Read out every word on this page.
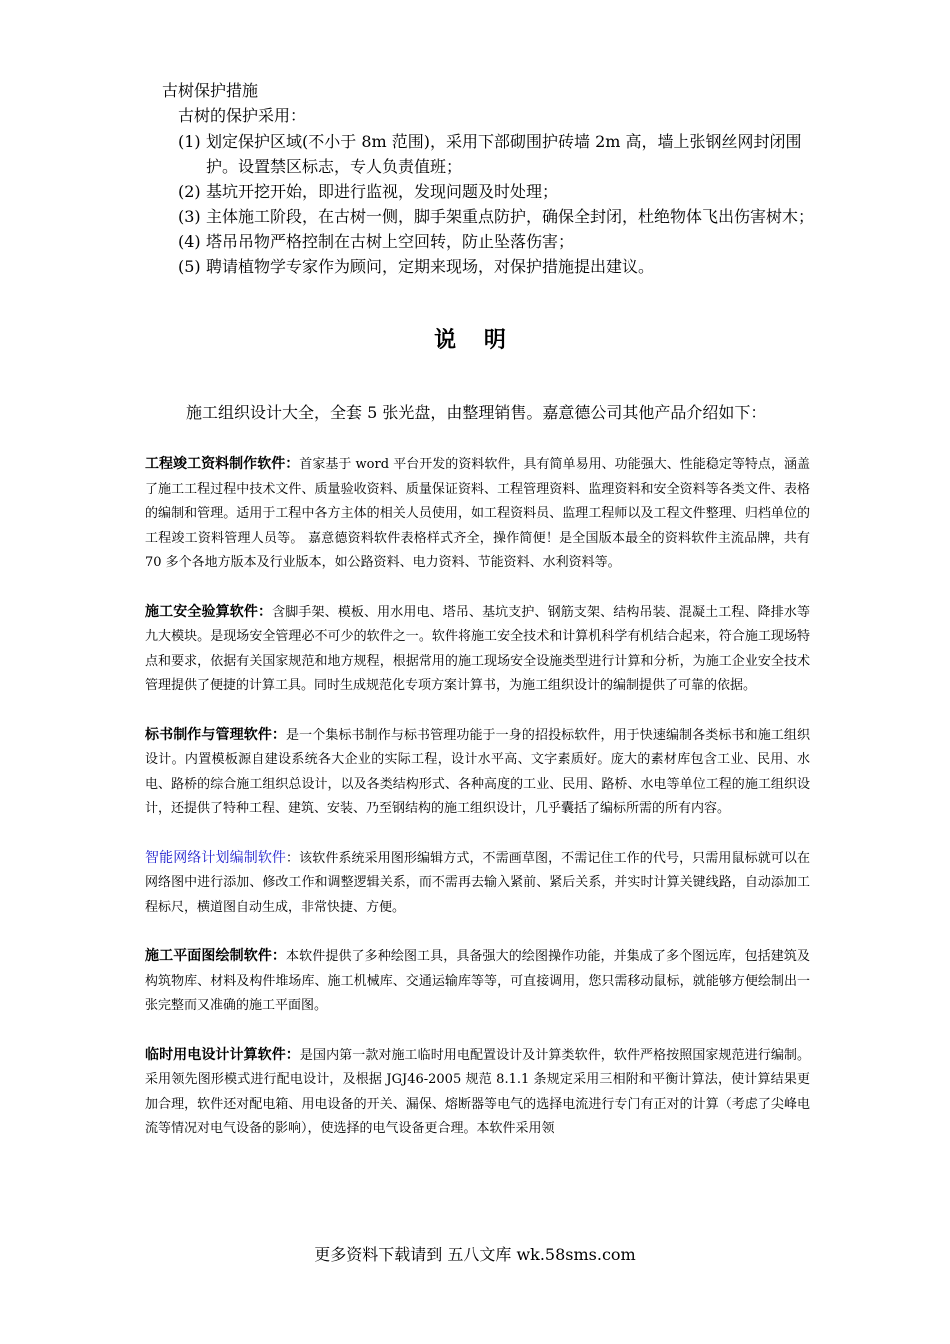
古树保护措施
古树的保护采用：
(1) 划定保护区域(不小于 8m 范围)，采用下部砌围护砖墙 2m 高，墙上张钢丝网封闭围护。设置禁区标志，专人负责值班；
(2) 基坑开挖开始，即进行监视，发现问题及时处理；
(3) 主体施工阶段，在古树一侧，脚手架重点防护，确保全封闭，杜绝物体飞出伤害树木；
(4) 塔吊吊物严格控制在古树上空回转，防止坠落伤害；
(5) 聘请植物学专家作为顾问，定期来现场，对保护措施提出建议。
说 明
施工组织设计大全，全套 5 张光盘，由整理销售。嘉意德公司其他产品介绍如下：

工程竣工资料制作软件：首家基于 word 平台开发的资料软件，具有简单易用、功能强大、性能稳定等特点，涵盖了施工工程过程中技术文件、质量验收资料、质量保证资料、工程管理资料、监理资料和安全资料等各类文件、表格的编制和管理。适用于工程中各方主体的相关人员使用，如工程资料员、监理工程师以及工程文件整理、归档单位的工程竣工资料管理人员等。 嘉意德资料软件表格样式齐全，操作简便！是全国版本最全的资料软件主流品牌，共有 70 多个各地方版本及行业版本，如公路资料、电力资料、节能资料、水利资料等。

施工安全验算软件：含脚手架、模板、用水用电、塔吊、基坑支护、钢筋支架、结构吊装、混凝土工程、降排水等九大模块。是现场安全管理必不可少的软件之一。软件将施工安全技术和计算机科学有机结合起来，符合施工现场特点和要求，依据有关国家规范和地方规程，根据常用的施工现场安全设施类型进行计算和分析，为施工企业安全技术管理提供了便捷的计算工具。同时生成规范化专项方案计算书，为施工组织设计的编制提供了可靠的依据。

标书制作与管理软件：是一个集标书制作与标书管理功能于一身的招投标软件，用于快速编制各类标书和施工组织设计。内置模板源自建设系统各大企业的实际工程，设计水平高、文字素质好。庞大的素材库包含工业、民用、水电、路桥的综合施工组织总设计，以及各类结构形式、各种高度的工业、民用、路桥、水电等单位工程的施工组织设计，还提供了特种工程、建筑、安装、乃至钢结构的施工组织设计，几乎囊括了编标所需的所有内容。

智能网络计划编制软件：该软件系统采用图形编辑方式，不需画草图，不需记住工作的代号，只需用鼠标就可以在网络图中进行添加、修改工作和调整逻辑关系，而不需再去输入紧前、紧后关系，并实时计算关键线路，自动添加工程标尺，横道图自动生成，非常快捷、方便。

施工平面图绘制软件：本软件提供了多种绘图工具，具备强大的绘图操作功能，并集成了多个图远库，包括建筑及构筑物库、材料及构件堆场库、施工机械库、交通运输库等等，可直接调用，您只需移动鼠标，就能够方便绘制出一张完整而又准确的施工平面图。

临时用电设计计算软件：是国内第一款对施工临时用电配置设计及计算类软件，软件严格按照国家规范进行编制。采用领先图形模式进行配电设计，及根据 JGJ46-2005 规范 8.1.1 条规定采用三相附和平衡计算法，使计算结果更加合理，软件还对配电箱、用电设备的开关、漏保、熔断器等电气的选择电流进行专门有正对的计算（考虑了尖峰电流等情况对电气设备的影响），使选择的电气设备更合理。本软件采用领

更多资料下载请到 五八文库 wk.58sms.com
